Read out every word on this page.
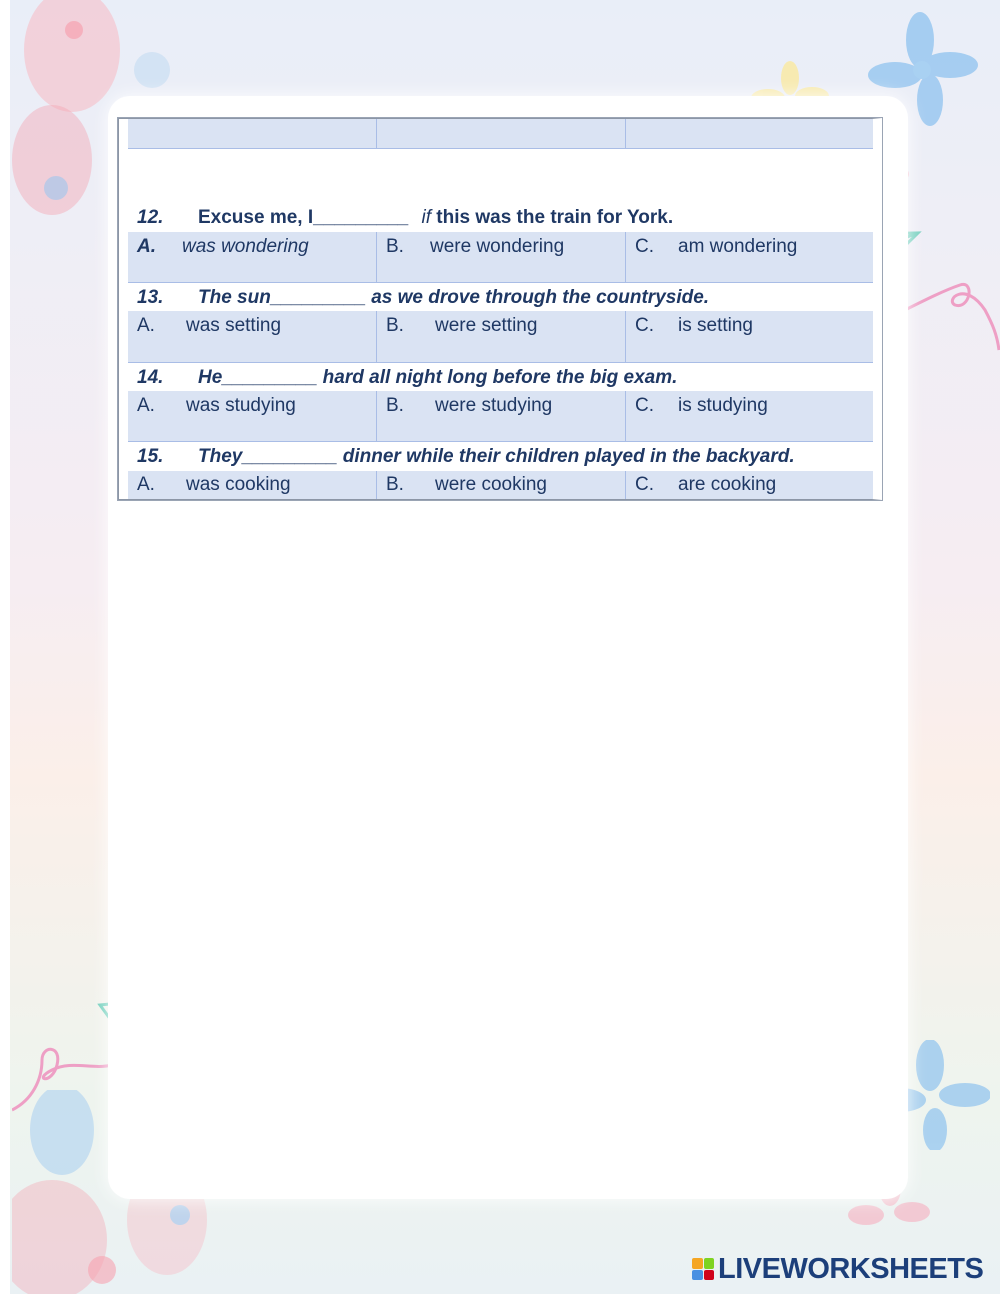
12. Excuse me, I_________ if this was the train for York.
A. was wondering	B. were wondering	C. am wondering
13. The sun_________ as we drove through the countryside.
A. was setting	B. were setting	C. is setting
14. He_________ hard all night long before the big exam.
A. was studying	B. were studying	C. is studying
15. They_________ dinner while their children played in the backyard.
A. was cooking	B. were cooking	C. are cooking
LIVEWORKSHEETS
